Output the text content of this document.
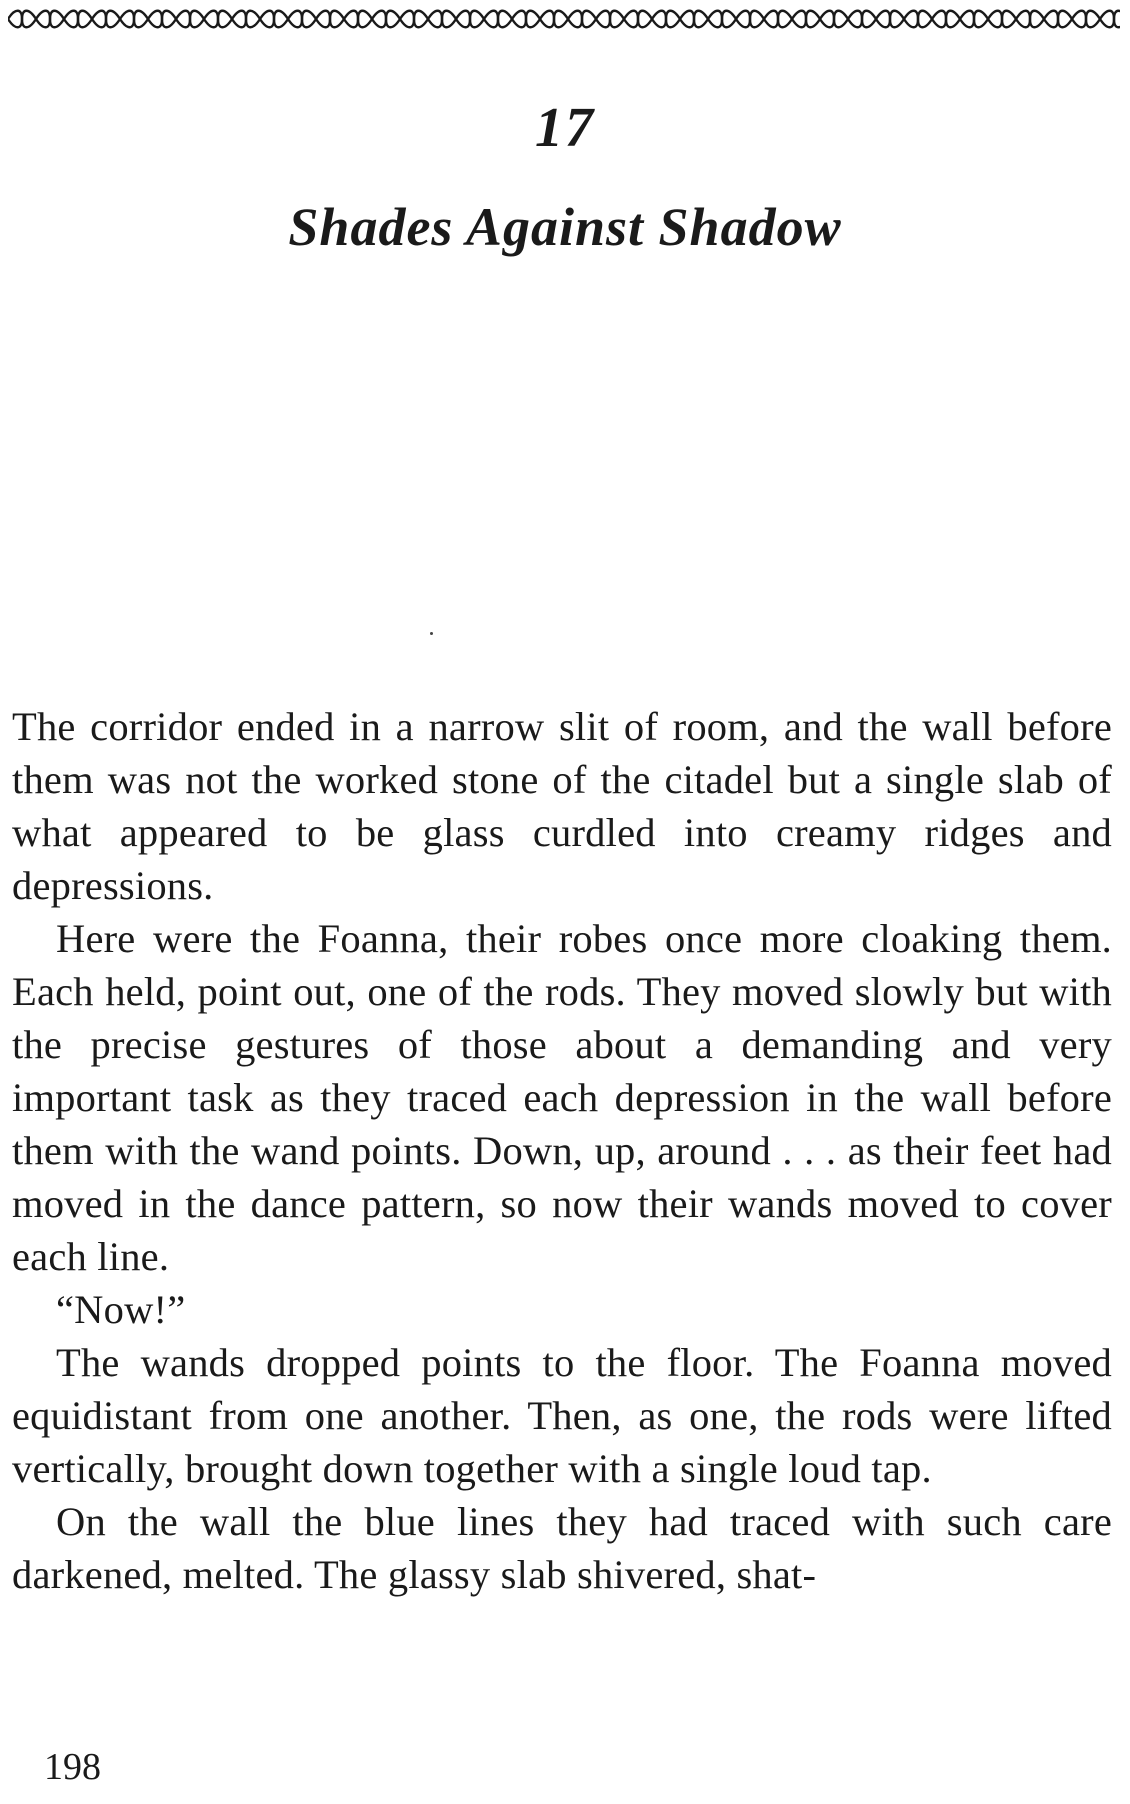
17
Shades Against Shadow

The corridor ended in a narrow slit of room, and the wall before them was not the worked stone of the citadel but a single slab of what appeared to be glass curdled into creamy ridges and depressions.

Here were the Foanna, their robes once more cloaking them. Each held, point out, one of the rods. They moved slowly but with the precise gestures of those about a demanding and very important task as they traced each depression in the wall before them with the wand points. Down, up, around . . . as their feet had moved in the dance pattern, so now their wands moved to cover each line.

“Now!”

The wands dropped points to the floor. The Foanna moved equidistant from one another. Then, as one, the rods were lifted vertically, brought down together with a single loud tap.

On the wall the blue lines they had traced with such care darkened, melted. The glassy slab shivered, shat-

198
